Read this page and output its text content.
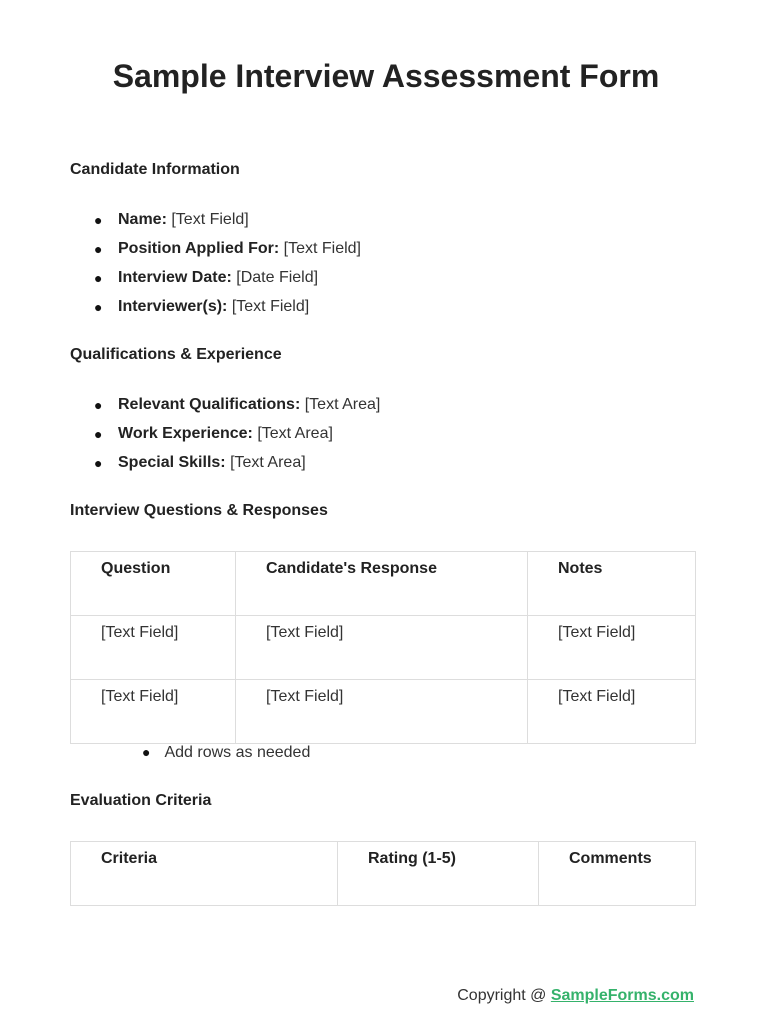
Sample Interview Assessment Form
Candidate Information
● Name: [Text Field]
● Position Applied For: [Text Field]
● Interview Date: [Date Field]
● Interviewer(s): [Text Field]
Qualifications & Experience
● Relevant Qualifications: [Text Area]
● Work Experience: [Text Area]
● Special Skills: [Text Area]
Interview Questions & Responses
Question	Candidate's Response	Notes
[Text Field]	[Text Field]	[Text Field]
[Text Field]	[Text Field]	[Text Field]
● Add rows as needed
Evaluation Criteria
Criteria	Rating (1-5)	Comments
Copyright @ SampleForms.com
